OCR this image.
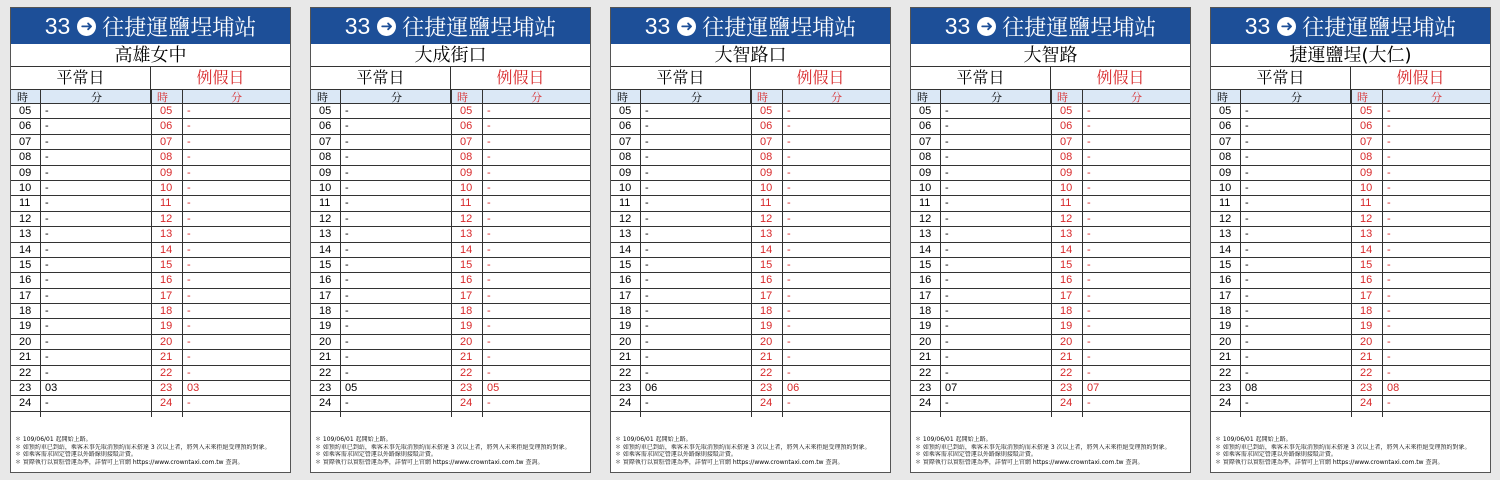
33 ➜ 往捷運鹽埕埔站
高雄女中
平常日	例假日
時	分	時	分
05 -	05 -
06 -	06 -
07 -	07 -
08 -	08 -
09 -	09 -
10 -	10 -
11 -	11 -
12 -	12 -
13 -	13 -
14 -	14 -
15 -	15 -
16 -	16 -
17 -	17 -
18 -	18 -
19 -	19 -
20 -	20 -
21 -	21 -
22 -	22 -
23 03	23 03
24 -	24 -
＊ 109/06/01 起開始上路。
＊ 如預約車已到站，乘客未事先取消預約而未搭達 3 次以上者，將列入未來拒絕受理預約對象。
＊ 如乘客需求固定營運以外路線則接駁計費。
＊ 實際執行以實駐營運為準，詳情可上官網 https://www.crowntaxi.com.tw 查詢。
33 ➜ 往捷運鹽埕埔站
大成街口
平常日	例假日
時	分	時	分
05 -	05 -
06 -	06 -
07 -	07 -
08 -	08 -
09 -	09 -
10 -	10 -
11 -	11 -
12 -	12 -
13 -	13 -
14 -	14 -
15 -	15 -
16 -	16 -
17 -	17 -
18 -	18 -
19 -	19 -
20 -	20 -
21 -	21 -
22 -	22 -
23 05	23 05
24 -	24 -
＊ 109/06/01 起開始上路。
＊ 如預約車已到站，乘客未事先取消預約而未搭達 3 次以上者，將列入未來拒絕受理預約對象。
＊ 如乘客需求固定營運以外路線則接駁計費。
＊ 實際執行以實駐營運為準，詳情可上官網 https://www.crowntaxi.com.tw 查詢。
33 ➜ 往捷運鹽埕埔站
大智路口
平常日	例假日
時	分	時	分
05 -	05 -
06 -	06 -
07 -	07 -
08 -	08 -
09 -	09 -
10 -	10 -
11 -	11 -
12 -	12 -
13 -	13 -
14 -	14 -
15 -	15 -
16 -	16 -
17 -	17 -
18 -	18 -
19 -	19 -
20 -	20 -
21 -	21 -
22 -	22 -
23 06	23 06
24 -	24 -
＊ 109/06/01 起開始上路。
＊ 如預約車已到站，乘客未事先取消預約而未搭達 3 次以上者，將列入未來拒絕受理預約對象。
＊ 如乘客需求固定營運以外路線則接駁計費。
＊ 實際執行以實駐營運為準，詳情可上官網 https://www.crowntaxi.com.tw 查詢。
33 ➜ 往捷運鹽埕埔站
大智路
平常日	例假日
時	分	時	分
05 -	05 -
06 -	06 -
07 -	07 -
08 -	08 -
09 -	09 -
10 -	10 -
11 -	11 -
12 -	12 -
13 -	13 -
14 -	14 -
15 -	15 -
16 -	16 -
17 -	17 -
18 -	18 -
19 -	19 -
20 -	20 -
21 -	21 -
22 -	22 -
23 07	23 07
24 -	24 -
＊ 109/06/01 起開始上路。
＊ 如預約車已到站，乘客未事先取消預約而未搭達 3 次以上者，將列入未來拒絕受理預約對象。
＊ 如乘客需求固定營運以外路線則接駁計費。
＊ 實際執行以實駐營運為準，詳情可上官網 https://www.crowntaxi.com.tw 查詢。
33 ➜ 往捷運鹽埕埔站
捷運鹽埕(大仁)
平常日	例假日
時	分	時	分
05 -	05 -
06 -	06 -
07 -	07 -
08 -	08 -
09 -	09 -
10 -	10 -
11 -	11 -
12 -	12 -
13 -	13 -
14 -	14 -
15 -	15 -
16 -	16 -
17 -	17 -
18 -	18 -
19 -	19 -
20 -	20 -
21 -	21 -
22 -	22 -
23 08	23 08
24 -	24 -
＊ 109/06/01 起開始上路。
＊ 如預約車已到站，乘客未事先取消預約而未搭達 3 次以上者，將列入未來拒絕受理預約對象。
＊ 如乘客需求固定營運以外路線則接駁計費。
＊ 實際執行以實駐營運為準，詳情可上官網 https://www.crowntaxi.com.tw 查詢。
